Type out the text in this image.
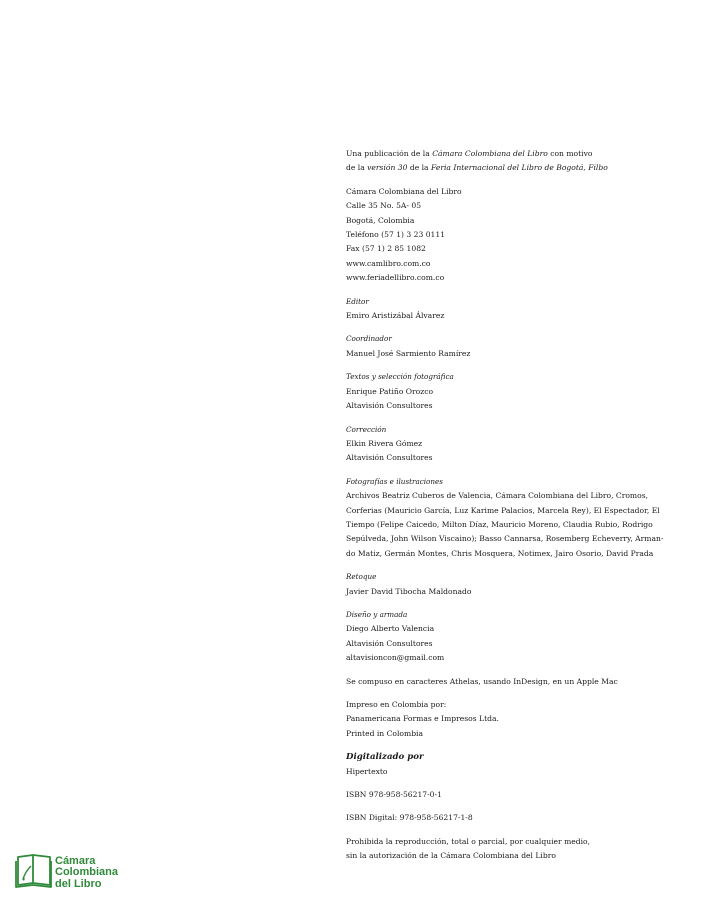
Una publicación de la Cámara Colombiana del Libro con motivo

de la versión 30 de la Feria Internacional del Libro de Bogotá, Filbo

Cámara Colombiana del Libro

Calle 35 No. 5A- 05

Bogotá, Colombia

Teléfono (57 1) 3 23 0111

Fax (57 1) 2 85 1082

www.camlibro.com.co

www.feriadellibro.com.co

Editor

Emiro Aristizábal Álvarez

Coordinador

Manuel José Sarmiento Ramírez

Textos y selección fotográfica

Enrique Patiño Orozco

Altavisión Consultores

Corrección

Elkin Rivera Gómez

Altavisión Consultores

Fotografías e ilustraciones

Archivos Beatriz Cuberos de Valencia, Cámara Colombiana del Libro, Cromos,

Corferias (Mauricio García, Luz Karime Palacios, Marcela Rey), El Espectador, El

Tiempo (Felipe Caicedo, Milton Díaz, Mauricio Moreno, Claudia Rubio, Rodrigo

Sepúlveda, John Wilson Viscaino); Basso Cannarsa, Rosemberg Echeverry, Arman-

do Matiz, Germán Montes, Chris Mosquera, Notimex, Jairo Osorio, David Prada

Retoque

Javier David Tibocha Maldonado

Diseño y armada

Diego Alberto Valencia

Altavisión Consultores

altavisioncon@gmail.com

Se compuso en caracteres Athelas, usando InDesign, en un Apple Mac

Impreso en Colombia por:

Panamericana Formas e Impresos Ltda.

Printed in Colombia

Digitalizado por

Hipertexto

ISBN 978-958-56217-0-1

ISBN Digital: 978-958-56217-1-8

Prohibida la reproducción, total o parcial, por cualquier medio,

sin la autorización de la Cámara Colombiana del Libro

Cámara
Colombiana
del Libro
